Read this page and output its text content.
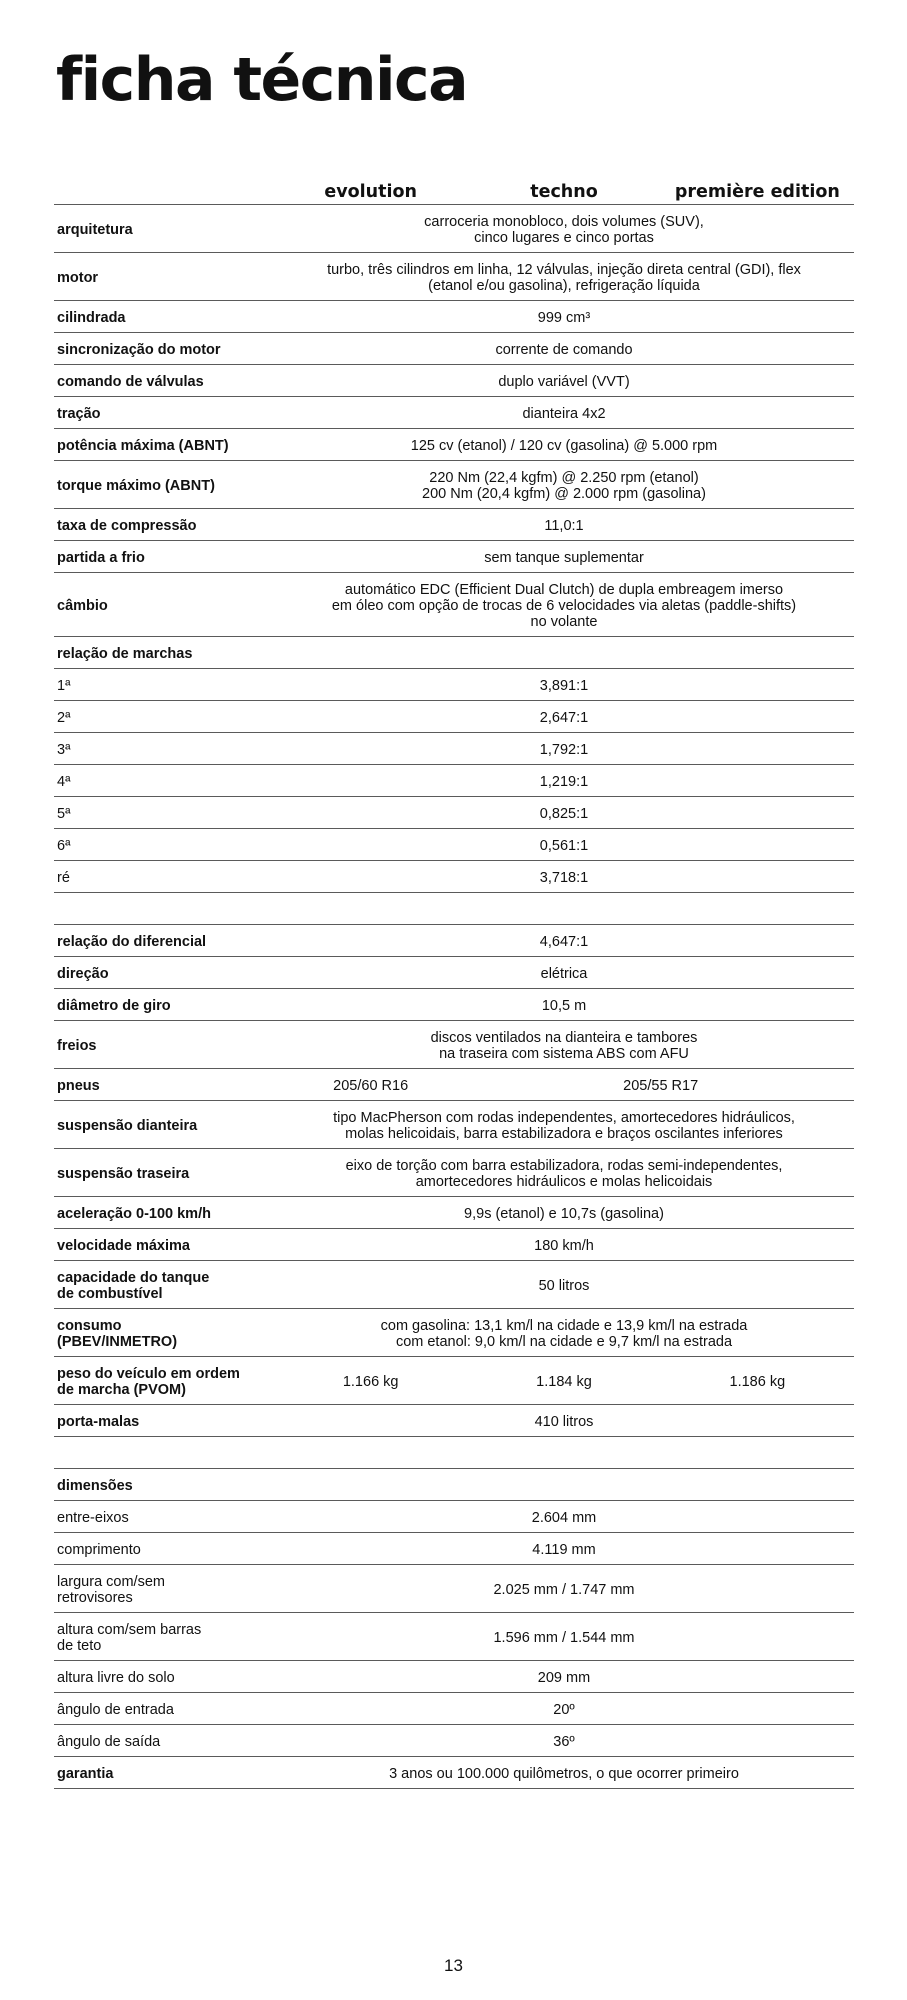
ficha técnica
	evolution	techno	première edition
arquitetura	carroceria monobloco, dois volumes (SUV),
cinco lugares e cinco portas		
motor	turbo, três cilindros em linha, 12 válvulas, injeção direta central (GDI), flex
(etanol e/ou gasolina), refrigeração líquida		
cilindrada	999 cm³		
sincronização do motor	corrente de comando		
comando de válvulas	duplo variável (VVT)		
tração	dianteira 4x2		
potência máxima (ABNT)	125 cv (etanol) / 120 cv (gasolina) @ 5.000 rpm		
torque máximo (ABNT)	220 Nm (22,4 kgfm) @ 2.250 rpm (etanol)
200 Nm (20,4 kgfm) @ 2.000 rpm (gasolina)		
taxa de compressão	11,0:1		
partida a frio	sem tanque suplementar		
câmbio	automático EDC (Efficient Dual Clutch) de dupla embreagem imerso
em óleo com opção de trocas de 6 velocidades via aletas (paddle-shifts)
no volante		
relação de marchas			
1ª	3,891:1		
2ª	2,647:1		
3ª	1,792:1		
4ª	1,219:1		
5ª	0,825:1		
6ª	0,561:1		
ré	3,718:1		

relação do diferencial	4,647:1		
direção	elétrica		
diâmetro de giro	10,5 m		
freios	discos ventilados na dianteira e tambores
na traseira com sistema ABS com AFU		
pneus	205/60 R16	205/55 R17	
suspensão dianteira	tipo MacPherson com rodas independentes, amortecedores hidráulicos,
molas helicoidais, barra estabilizadora e braços oscilantes inferiores		
suspensão traseira	eixo de torção com barra estabilizadora, rodas semi-independentes,
amortecedores hidráulicos e molas helicoidais		
aceleração 0-100 km/h	9,9s (etanol) e 10,7s (gasolina)		
velocidade máxima	180 km/h		
capacidade do tanque
de combustível	50 litros		
consumo
(PBEV/INMETRO)	com gasolina: 13,1 km/l na cidade e 13,9 km/l na estrada
com etanol: 9,0 km/l na cidade e 9,7 km/l na estrada		
peso do veículo em ordem
de marcha (PVOM)	1.166 kg	1.184 kg	1.186 kg
porta-malas	410 litros		

dimensões			
entre-eixos	2.604 mm		
comprimento	4.119 mm		
largura com/sem
retrovisores	2.025 mm / 1.747 mm		
altura com/sem barras
de teto	1.596 mm / 1.544 mm		
altura livre do solo	209 mm		
ângulo de entrada	20º		
ângulo de saída	36º		
garantia	3 anos ou 100.000 quilômetros, o que ocorrer primeiro		
13
